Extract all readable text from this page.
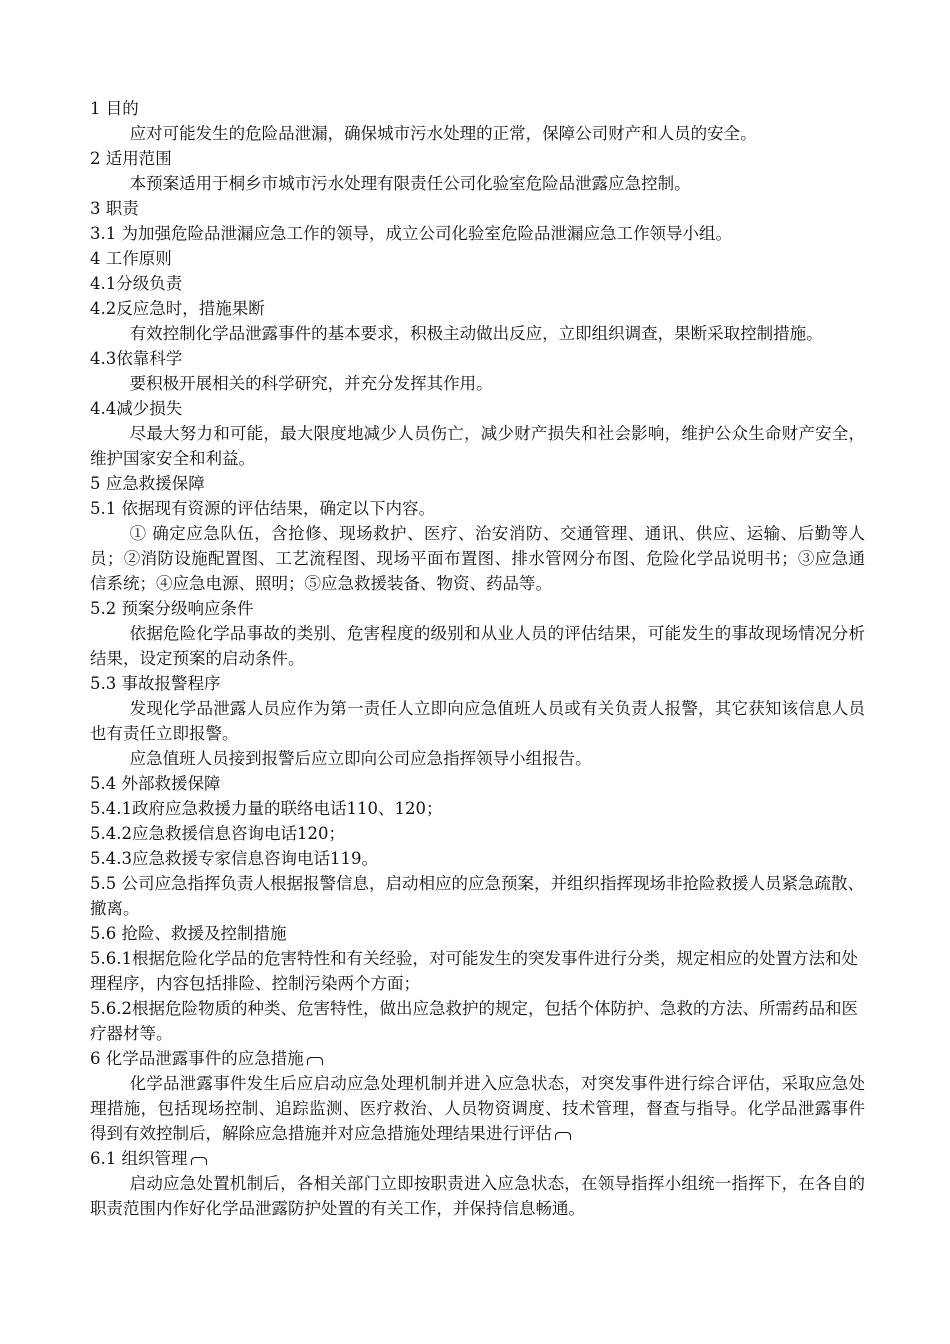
1 目的

应对可能发生的危险品泄漏，确保城市污水处理的正常，保障公司财产和人员的安全。

2 适用范围

本预案适用于桐乡市城市污水处理有限责任公司化验室危险品泄露应急控制。

3 职责

3.1 为加强危险品泄漏应急工作的领导，成立公司化验室危险品泄漏应急工作领导小组。

4 工作原则

4.1分级负责

4.2反应急时，措施果断

有效控制化学品泄露事件的基本要求，积极主动做出反应，立即组织调查，果断采取控制措施。

4.3依靠科学

要积极开展相关的科学研究，并充分发挥其作用。

4.4减少损失

尽最大努力和可能，最大限度地减少人员伤亡，减少财产损失和社会影响，维护公众生命财产安全，维护国家安全和利益。

5 应急救援保障

5.1 依据现有资源的评估结果，确定以下内容。

① 确定应急队伍，含抢修、现场救护、医疗、治安消防、交通管理、通讯、供应、运输、后勤等人员；②消防设施配置图、工艺流程图、现场平面布置图、排水管网分布图、危险化学品说明书；③应急通信系统；④应急电源、照明；⑤应急救援装备、物资、药品等。

5.2 预案分级响应条件

依据危险化学品事故的类别、危害程度的级别和从业人员的评估结果，可能发生的事故现场情况分析结果，设定预案的启动条件。

5.3 事故报警程序

发现化学品泄露人员应作为第一责任人立即向应急值班人员或有关负责人报警，其它获知该信息人员也有责任立即报警。

应急值班人员接到报警后应立即向公司应急指挥领导小组报告。

5.4 外部救援保障

5.4.1政府应急救援力量的联络电话110、120；

5.4.2应急救援信息咨询电话120；

5.4.3应急救援专家信息咨询电话119。

5.5 公司应急指挥负责人根据报警信息，启动相应的应急预案，并组织指挥现场非抢险救援人员紧急疏散、撤离。

5.6 抢险、救援及控制措施

5.6.1根据危险化学品的危害特性和有关经验，对可能发生的突发事件进行分类，规定相应的处置方法和处理程序，内容包括排险、控制污染两个方面；

5.6.2根据危险物质的种类、危害特性，做出应急救护的规定，包括个体防护、急救的方法、所需药品和医疗器材等。

6 化学品泄露事件的应急措施

化学品泄露事件发生后应启动应急处理机制并进入应急状态，对突发事件进行综合评估，采取应急处理措施，包括现场控制、追踪监测、医疗救治、人员物资调度、技术管理，督查与指导。化学品泄露事件得到有效控制后，解除应急措施并对应急措施处理结果进行评估

6.1 组织管理

启动应急处置机制后，各相关部门立即按职责进入应急状态，在领导指挥小组统一指挥下，在各自的职责范围内作好化学品泄露防护处置的有关工作，并保持信息畅通。
